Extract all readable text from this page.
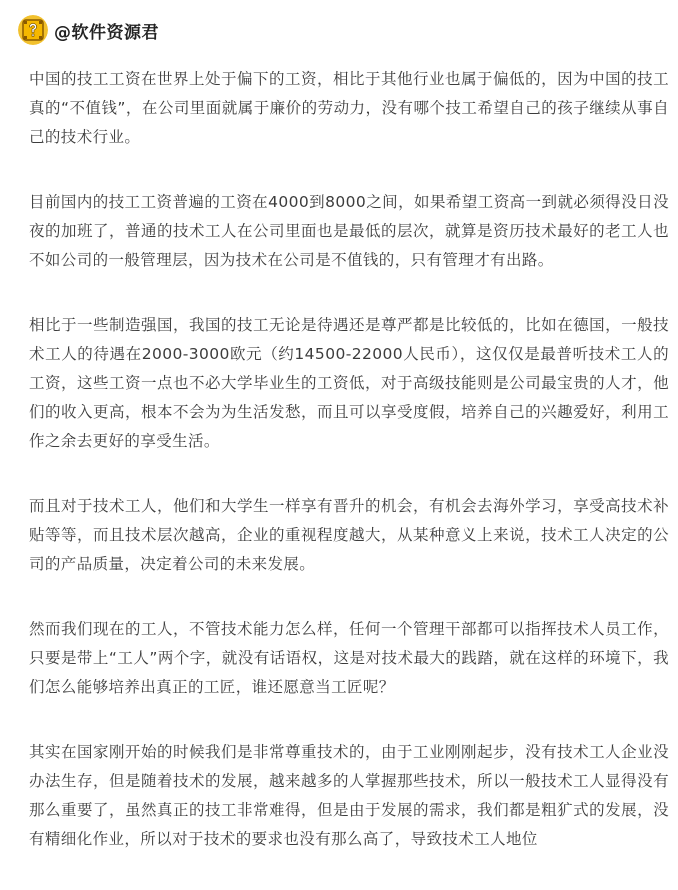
@软件资源君

中国的技工工资在世界上处于偏下的工资，相比于其他行业也属于偏低的，因为中国的技工真的“不值钱”，在公司里面就属于廉价的劳动力，没有哪个技工希望自己的孩子继续从事自己的技术行业。

目前国内的技工工资普遍的工资在4000到8000之间，如果希望工资高一到就必须得没日没夜的加班了，普通的技术工人在公司里面也是最低的层次，就算是资历技术最好的老工人也不如公司的一般管理层，因为技术在公司是不值钱的，只有管理才有出路。

相比于一些制造强国，我国的技工无论是待遇还是尊严都是比较低的，比如在德国，一般技术工人的待遇在2000-3000欧元（约14500-22000人民币），这仅仅是最普听技术工人的工资，这些工资一点也不必大学毕业生的工资低，对于高级技能则是公司最宝贵的人才，他们的收入更高，根本不会为为生活发愁，而且可以享受度假，培养自己的兴趣爱好，利用工作之余去更好的享受生活。

而且对于技术工人，他们和大学生一样享有晋升的机会，有机会去海外学习，享受高技术补贴等等，而且技术层次越高，企业的重视程度越大，从某种意义上来说，技术工人决定的公司的产品质量，决定着公司的未来发展。

然而我们现在的工人，不管技术能力怎么样，任何一个管理干部都可以指挥技术人员工作，只要是带上“工人”两个字，就没有话语权，这是对技术最大的践踏，就在这样的环境下，我们怎么能够培养出真正的工匠，谁还愿意当工匠呢？

其实在国家刚开始的时候我们是非常尊重技术的，由于工业刚刚起步，没有技术工人企业没办法生存，但是随着技术的发展，越来越多的人掌握那些技术，所以一般技术工人显得没有那么重要了，虽然真正的技工非常难得，但是由于发展的需求，我们都是粗犷式的发展，没有精细化作业，所以对于技术的要求也没有那么高了，导致技术工人地位
